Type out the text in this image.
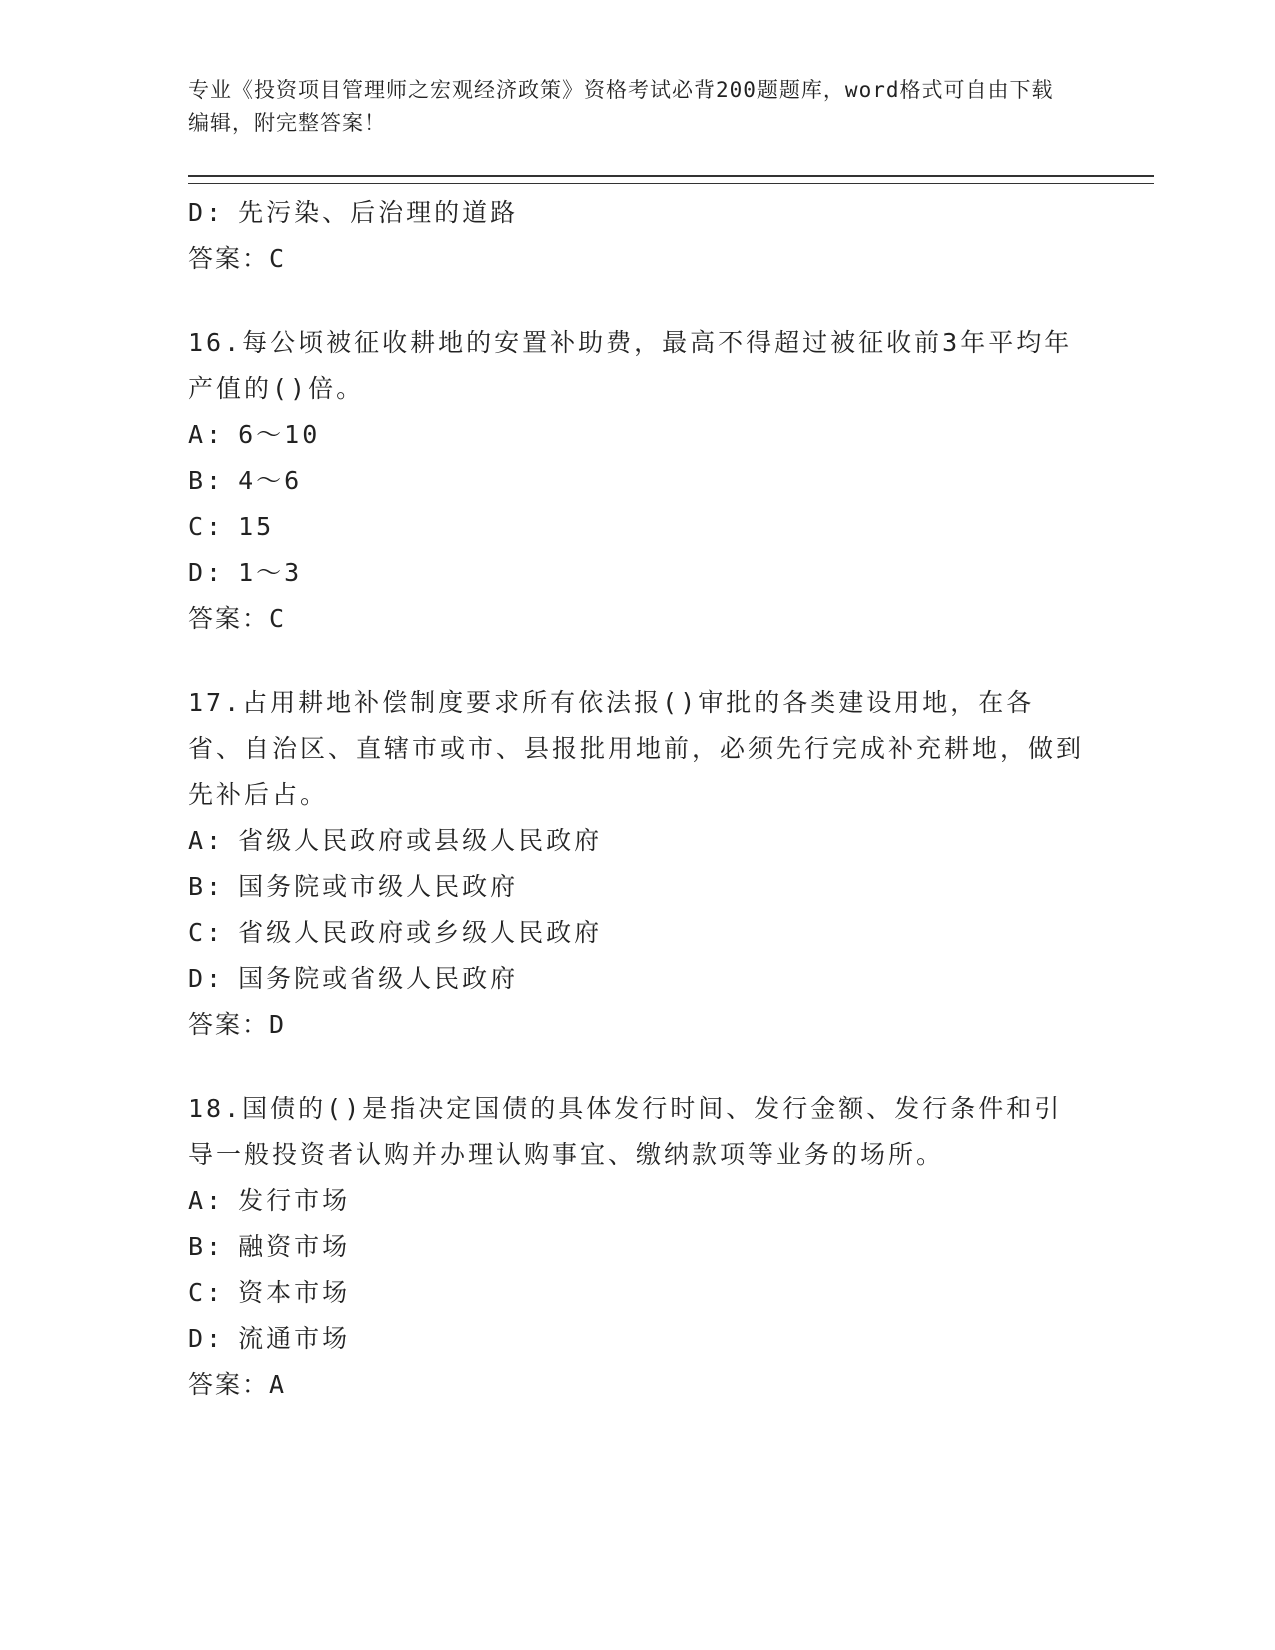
专业《投资项目管理师之宏观经济政策》资格考试必背200题题库，word格式可自由下载编辑，附完整答案！

D: 先污染、后治理的道路

答案：C

16.每公顷被征收耕地的安置补助费，最高不得超过被征收前3年平均年产值的()倍。

A: 6～10

B: 4～6

C: 15

D: 1～3

答案：C

17.占用耕地补偿制度要求所有依法报()审批的各类建设用地，在各省、自治区、直辖市或市、县报批用地前，必须先行完成补充耕地，做到先补后占。

A: 省级人民政府或县级人民政府

B: 国务院或市级人民政府

C: 省级人民政府或乡级人民政府

D: 国务院或省级人民政府

答案：D

18.国债的()是指决定国债的具体发行时间、发行金额、发行条件和引导一般投资者认购并办理认购事宜、缴纳款项等业务的场所。

A: 发行市场

B: 融资市场

C: 资本市场

D: 流通市场

答案：A
